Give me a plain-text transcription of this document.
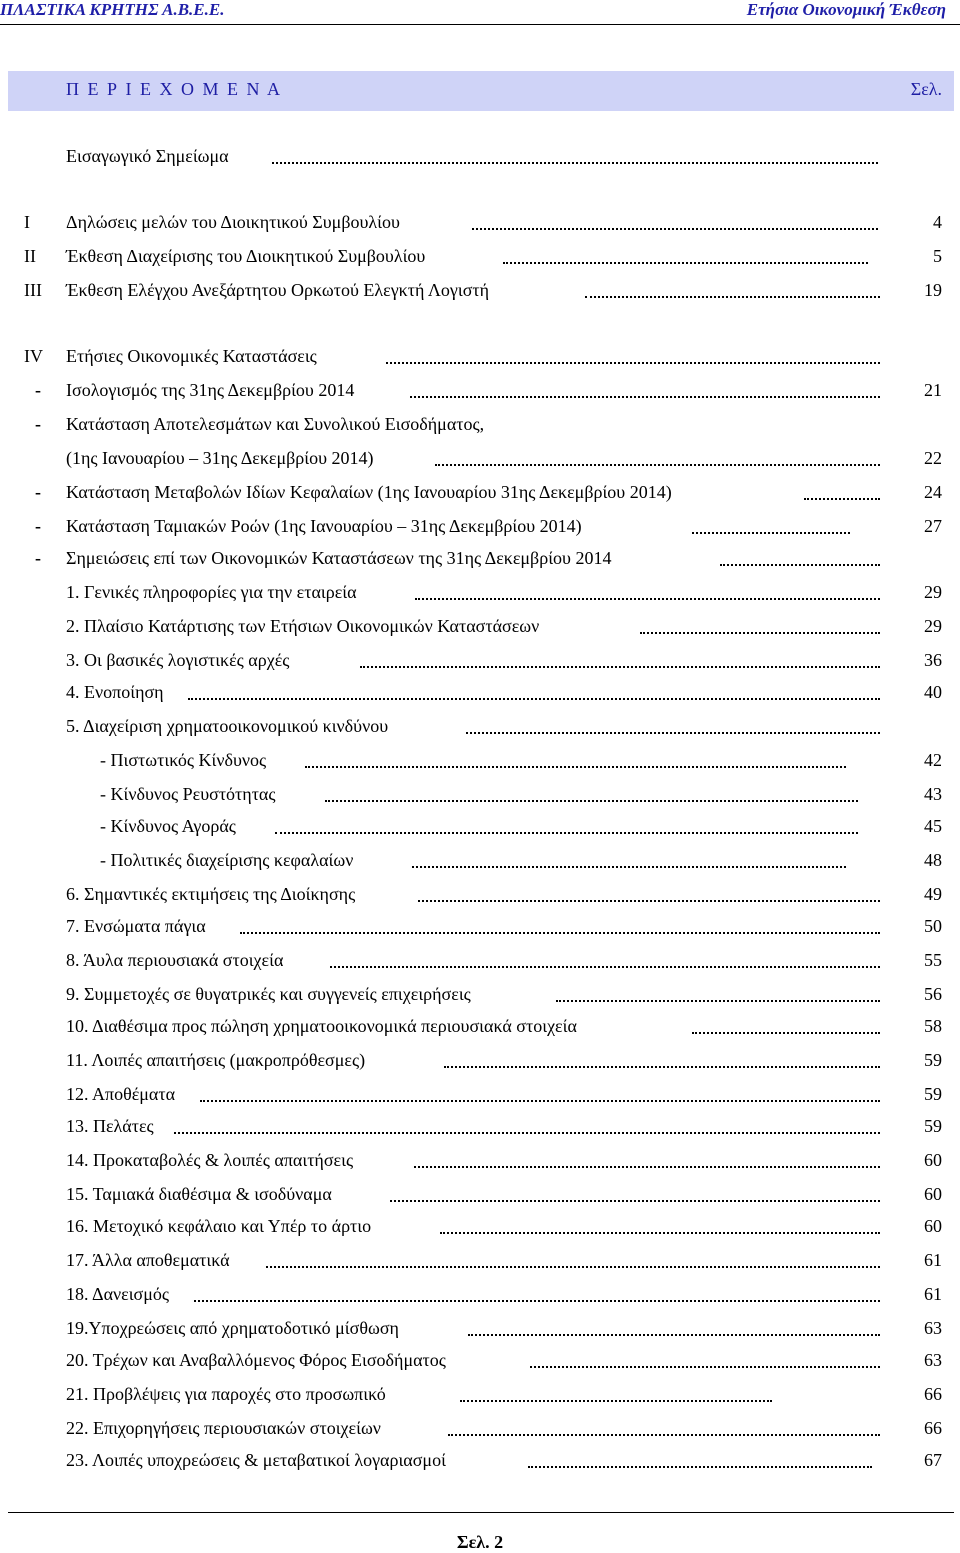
ΠΛΑΣΤΙΚΑ ΚΡΗΤΗΣ Α.Β.Ε.Ε.	Ετήσια Οικονομική Έκθεση
Π Ε Ρ Ι Ε Χ Ο Μ Ε Ν Α	Σελ.
Εισαγωγικό Σημείωμα
Ι	Δηλώσεις μελών του Διοικητικού Συμβουλίου	4
ΙΙ	Έκθεση Διαχείρισης του Διοικητικού Συμβουλίου	5
ΙΙΙ	Έκθεση Ελέγχου Ανεξάρτητου Ορκωτού Ελεγκτή Λογιστή	19
IV	Ετήσιες Οικονομικές Καταστάσεις
- Ισολογισμός της 31ης Δεκεμβρίου 2014	21
- Κατάσταση Αποτελεσμάτων και Συνολικού Εισοδήματος,
(1ης Ιανουαρίου – 31ης Δεκεμβρίου 2014)	22
- Κατάσταση Μεταβολών Ιδίων Κεφαλαίων (1ης Ιανουαρίου 31ης Δεκεμβρίου 2014)	24
- Κατάσταση Ταμιακών Ροών (1ης Ιανουαρίου – 31ης Δεκεμβρίου 2014)	27
- Σημειώσεις επί των Οικονομικών Καταστάσεων της 31ης Δεκεμβρίου 2014
1. Γενικές πληροφορίες για την εταιρεία	29
2. Πλαίσιο Κατάρτισης των Ετήσιων Οικονομικών Καταστάσεων	29
3. Οι βασικές λογιστικές αρχές	36
4. Ενοποίηση	40
5. Διαχείριση χρηματοοικονομικού κινδύνου
- Πιστωτικός Κίνδυνος	42
- Κίνδυνος Ρευστότητας	43
- Κίνδυνος Αγοράς	45
- Πολιτικές διαχείρισης κεφαλαίων	48
6. Σημαντικές εκτιμήσεις της Διοίκησης	49
7. Ενσώματα πάγια	50
8. Άυλα περιουσιακά στοιχεία	55
9. Συμμετοχές σε θυγατρικές και συγγενείς επιχειρήσεις	56
10. Διαθέσιμα προς πώληση χρηματοοικονομικά περιουσιακά στοιχεία	58
11. Λοιπές απαιτήσεις (μακροπρόθεσμες)	59
12. Αποθέματα	59
13. Πελάτες	59
14. Προκαταβολές & λοιπές απαιτήσεις	60
15. Ταμιακά διαθέσιμα & ισοδύναμα	60
16. Μετοχικό κεφάλαιο και Υπέρ το άρτιο	60
17. Άλλα αποθεματικά	61
18. Δανεισμός	61
19.Υποχρεώσεις από χρηματοδοτικό μίσθωση	63
20. Τρέχων και Αναβαλλόμενος Φόρος Εισοδήματος	63
21. Προβλέψεις για παροχές στο προσωπικό	66
22. Επιχορηγήσεις περιουσιακών στοιχείων	66
23. Λοιπές υποχρεώσεις & μεταβατικοί λογαριασμοί	67
Σελ. 2
